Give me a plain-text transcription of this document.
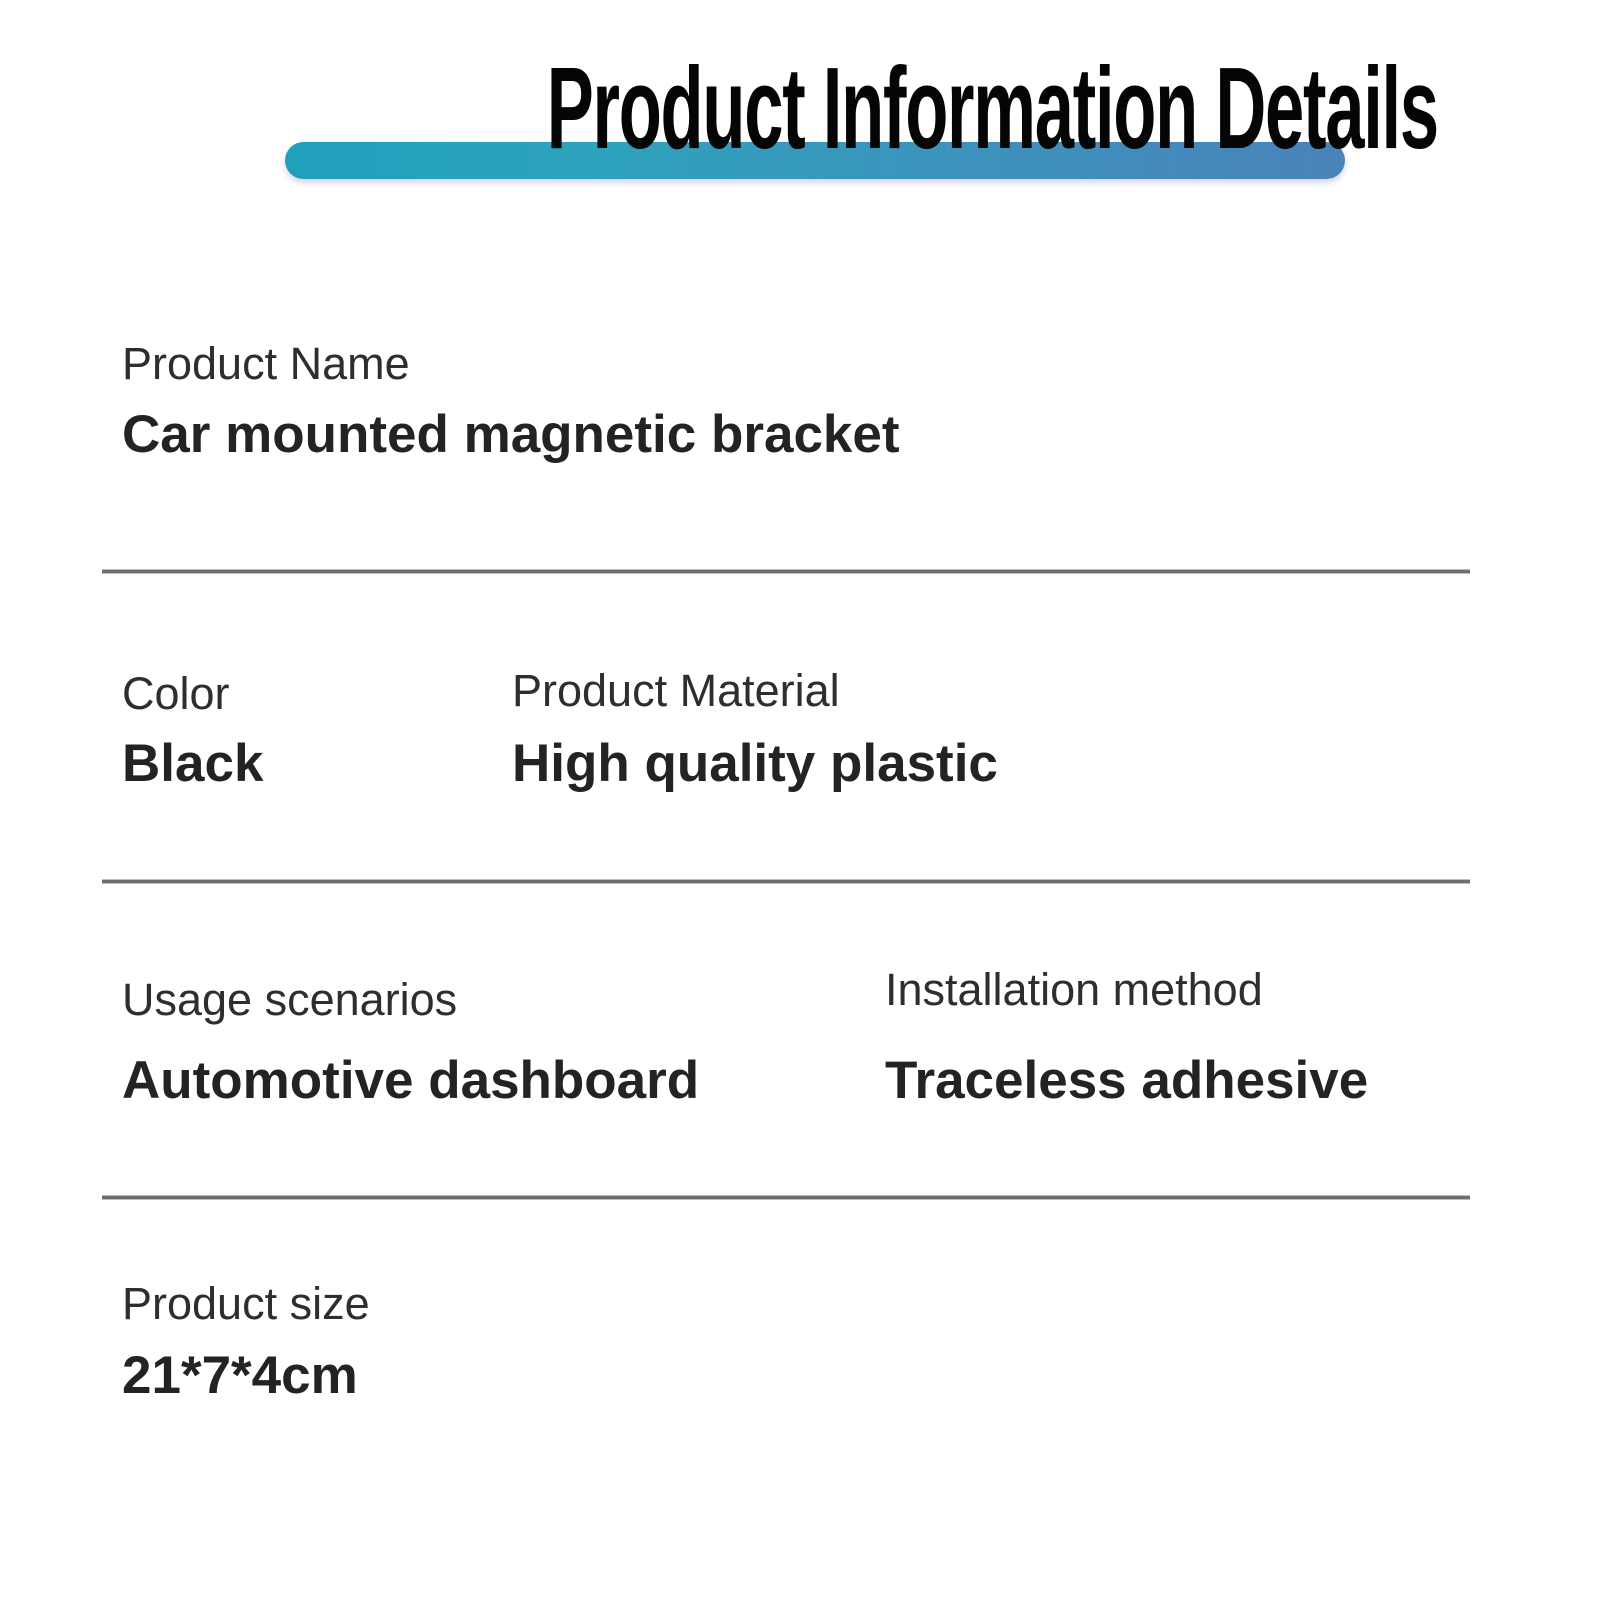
Product Information Details
Product Name
Car mounted magnetic bracket
Color	Product Material
Black	High quality plastic
Usage scenarios	Installation method
Automotive dashboard	Traceless adhesive
Product size
21*7*4cm
